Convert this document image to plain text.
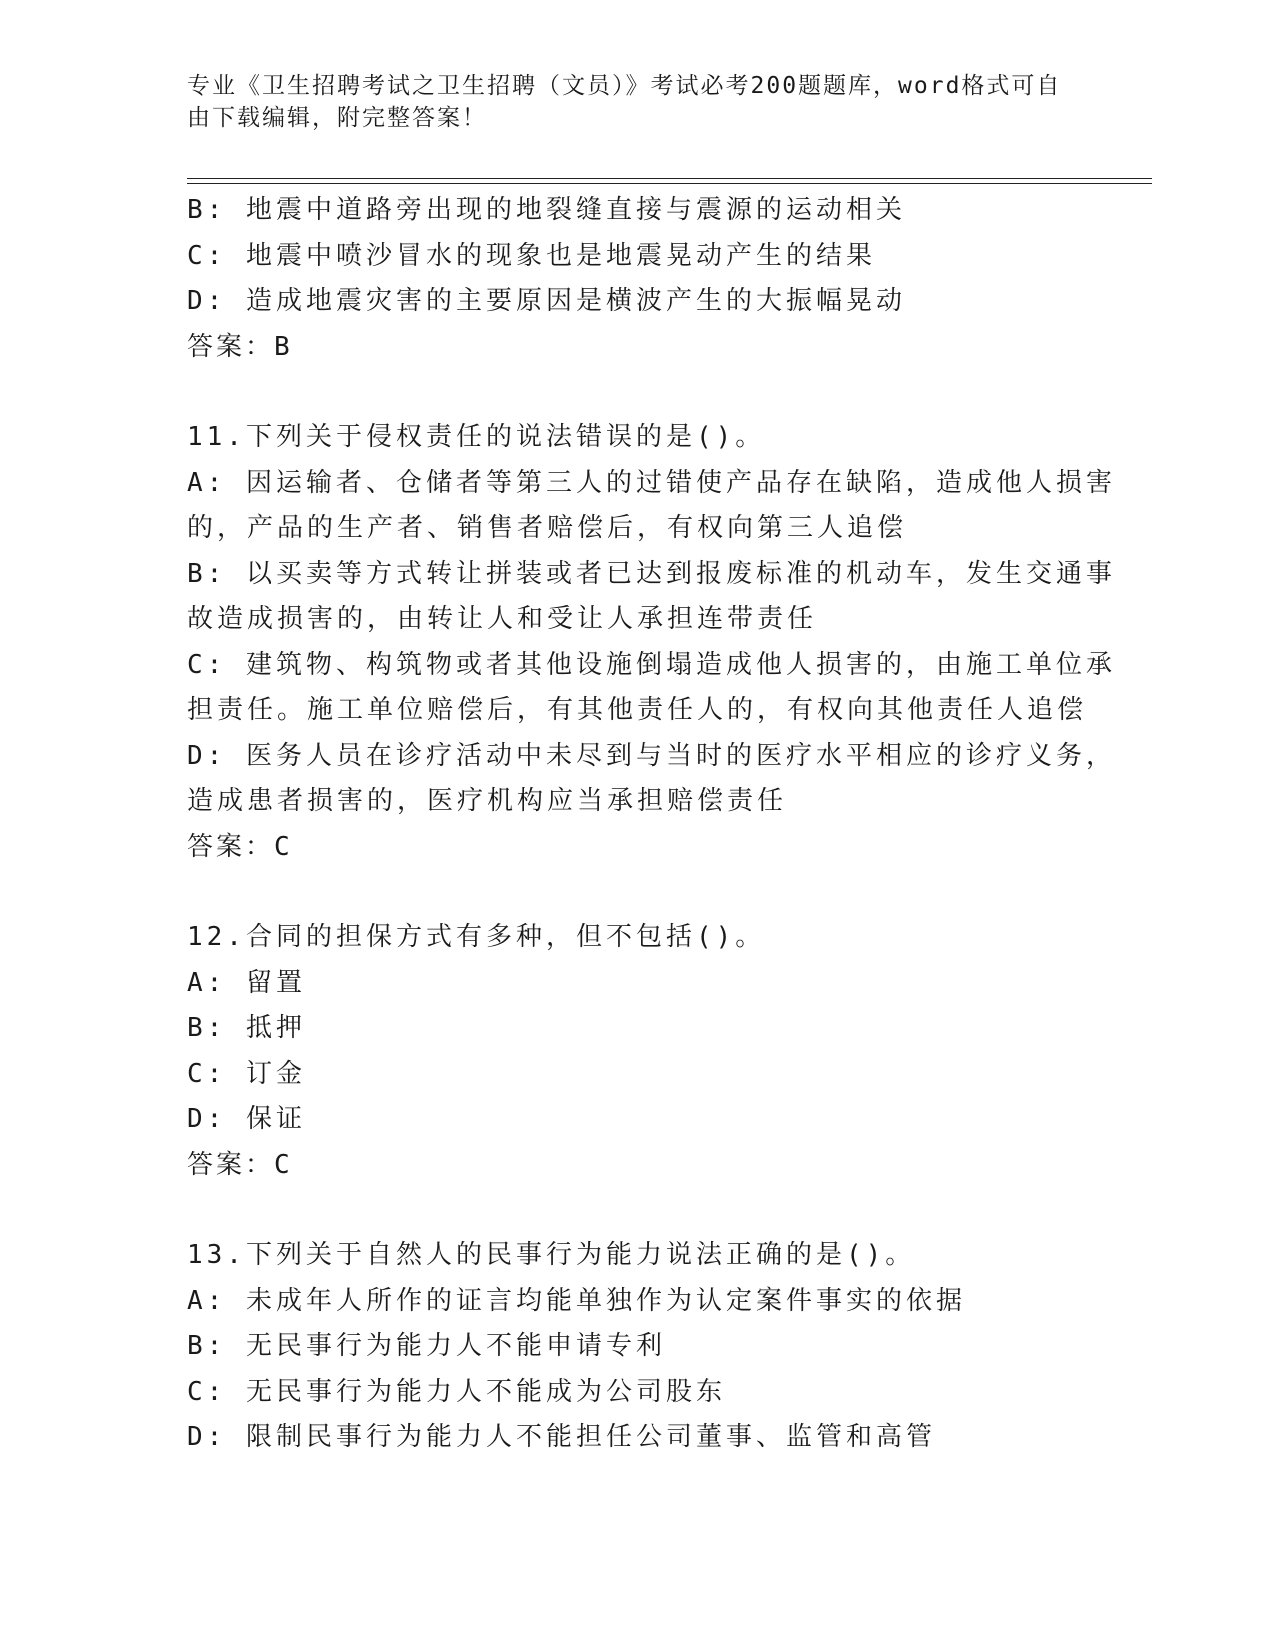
专业《卫生招聘考试之卫生招聘（文员）》考试必考200题题库，word格式可自
由下载编辑，附完整答案！
B: 地震中道路旁出现的地裂缝直接与震源的运动相关
C: 地震中喷沙冒水的现象也是地震晃动产生的结果
D: 造成地震灾害的主要原因是横波产生的大振幅晃动
答案：B
11.下列关于侵权责任的说法错误的是()。
A: 因运输者、仓储者等第三人的过错使产品存在缺陷，造成他人损害
的，产品的生产者、销售者赔偿后，有权向第三人追偿
B: 以买卖等方式转让拼装或者已达到报废标准的机动车，发生交通事
故造成损害的，由转让人和受让人承担连带责任
C: 建筑物、构筑物或者其他设施倒塌造成他人损害的，由施工单位承
担责任。施工单位赔偿后，有其他责任人的，有权向其他责任人追偿
D: 医务人员在诊疗活动中未尽到与当时的医疗水平相应的诊疗义务，
造成患者损害的，医疗机构应当承担赔偿责任
答案：C
12.合同的担保方式有多种，但不包括()。
A: 留置
B: 抵押
C: 订金
D: 保证
答案：C
13.下列关于自然人的民事行为能力说法正确的是()。
A: 未成年人所作的证言均能单独作为认定案件事实的依据
B: 无民事行为能力人不能申请专利
C: 无民事行为能力人不能成为公司股东
D: 限制民事行为能力人不能担任公司董事、监管和高管
